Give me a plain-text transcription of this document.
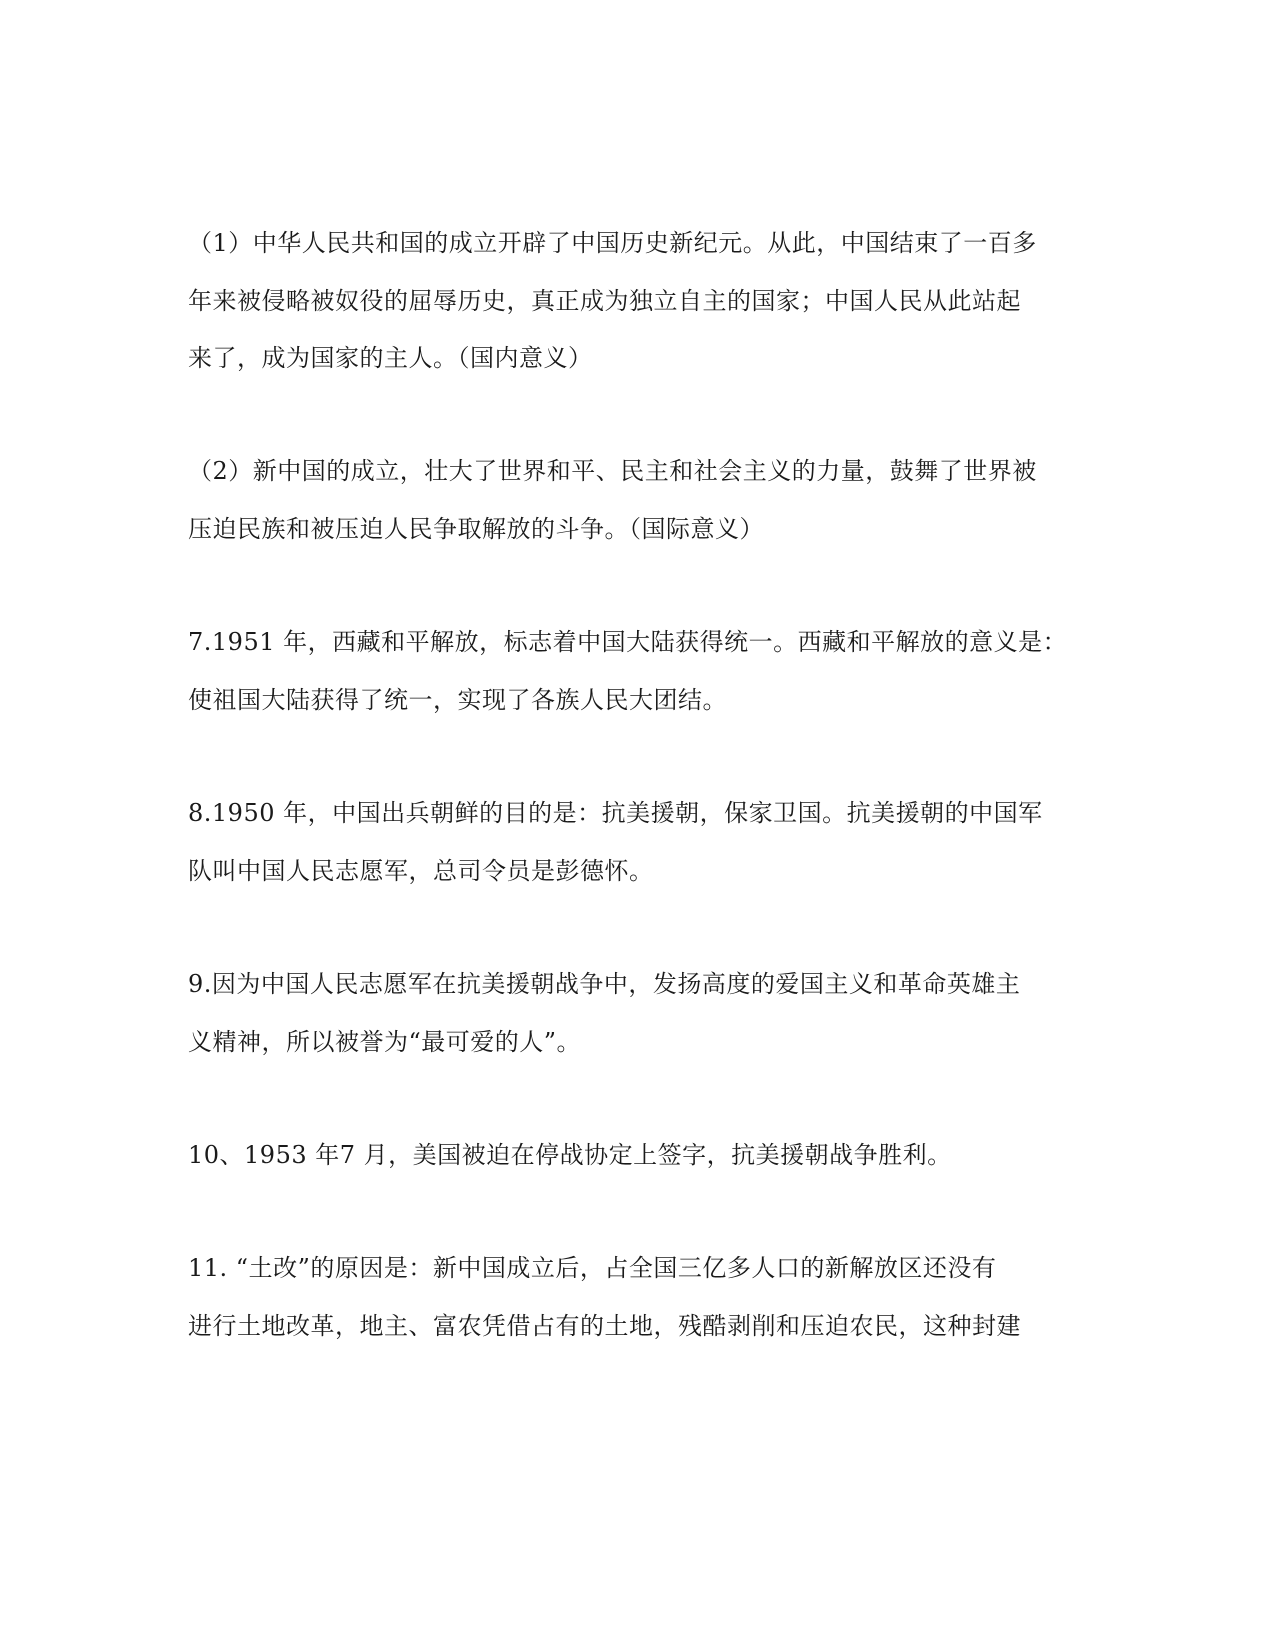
（1）中华人民共和国的成立开辟了中国历史新纪元。从此，中国结束了一百多
年来被侵略被奴役的屈辱历史，真正成为独立自主的国家；中国人民从此站起
来了，成为国家的主人。（国内意义）
（2）新中国的成立，壮大了世界和平、民主和社会主义的力量，鼓舞了世界被
压迫民族和被压迫人民争取解放的斗争。（国际意义）
7.1951 年，西藏和平解放，标志着中国大陆获得统一。西藏和平解放的意义是：
使祖国大陆获得了统一，实现了各族人民大团结。
8.1950 年，中国出兵朝鲜的目的是：抗美援朝，保家卫国。抗美援朝的中国军
队叫中国人民志愿军，总司令员是彭德怀。
9.因为中国人民志愿军在抗美援朝战争中，发扬高度的爱国主义和革命英雄主
义精神，所以被誉为“最可爱的人”。
10、1953 年7 月，美国被迫在停战协定上签字，抗美援朝战争胜利。
11. “土改”的原因是：新中国成立后，占全国三亿多人口的新解放区还没有
进行土地改革，地主、富农凭借占有的土地，残酷剥削和压迫农民，这种封建
